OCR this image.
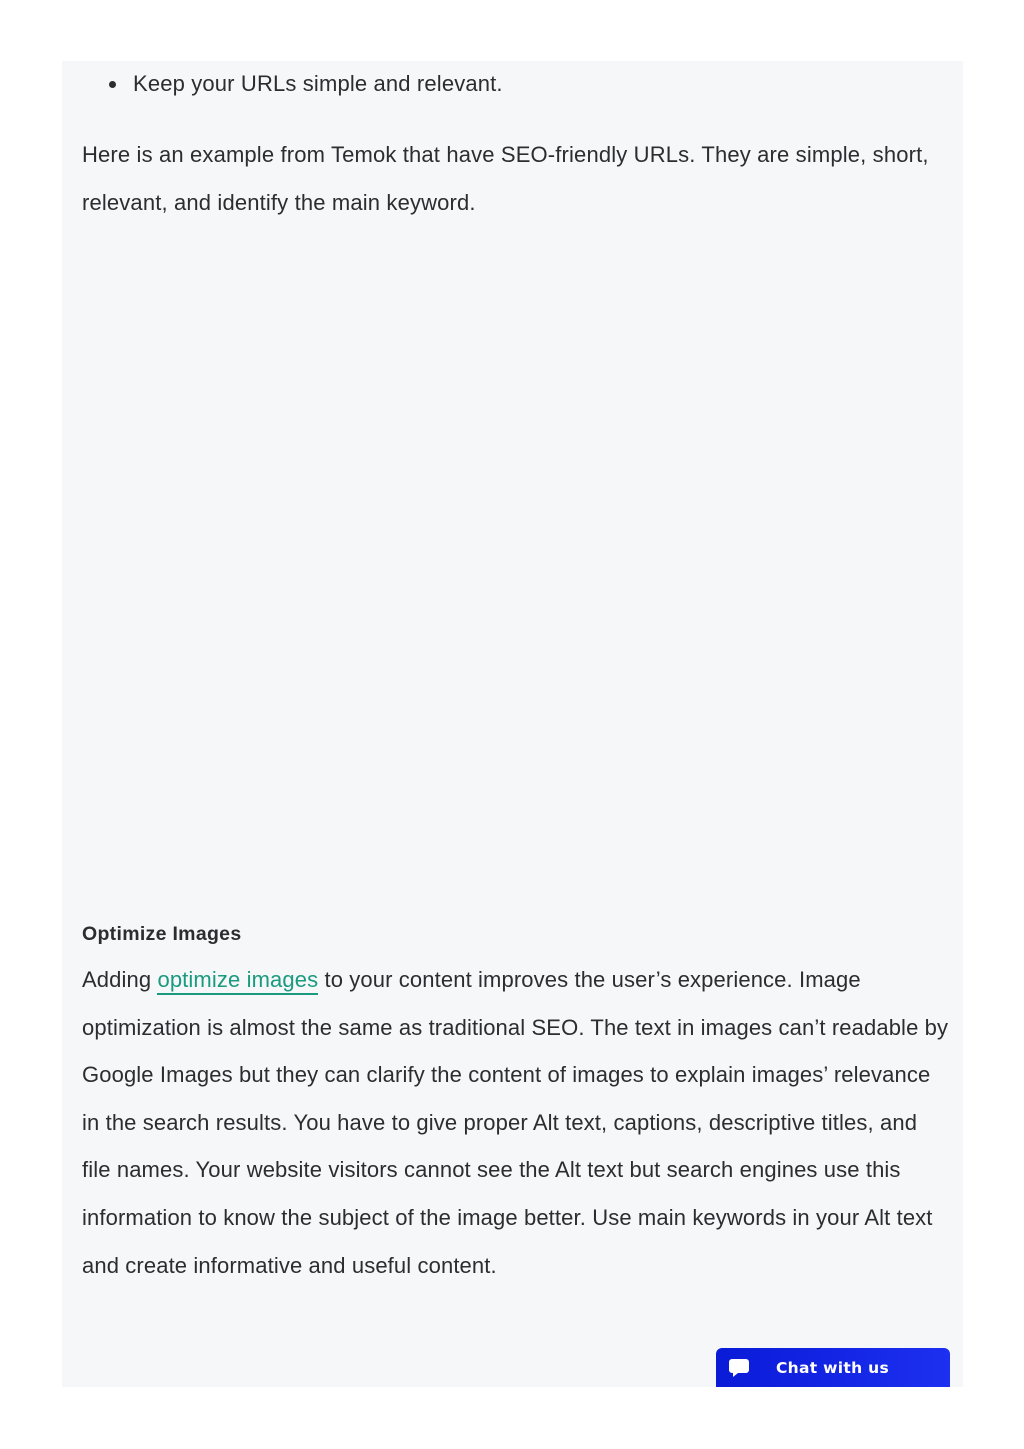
Keep your URLs simple and relevant.

Here is an example from Temok that have SEO-friendly URLs. They are simple, short, relevant, and identify the main keyword.

Optimize Images

Adding optimize images to your content improves the user’s experience. Image optimization is almost the same as traditional SEO. The text in images can’t readable by Google Images but they can clarify the content of images to explain images’ relevance in the search results. You have to give proper Alt text, captions, descriptive titles, and file names. Your website visitors cannot see the Alt text but search engines use this information to know the subject of the image better. Use main keywords in your Alt text and create informative and useful content.

Chat with us
